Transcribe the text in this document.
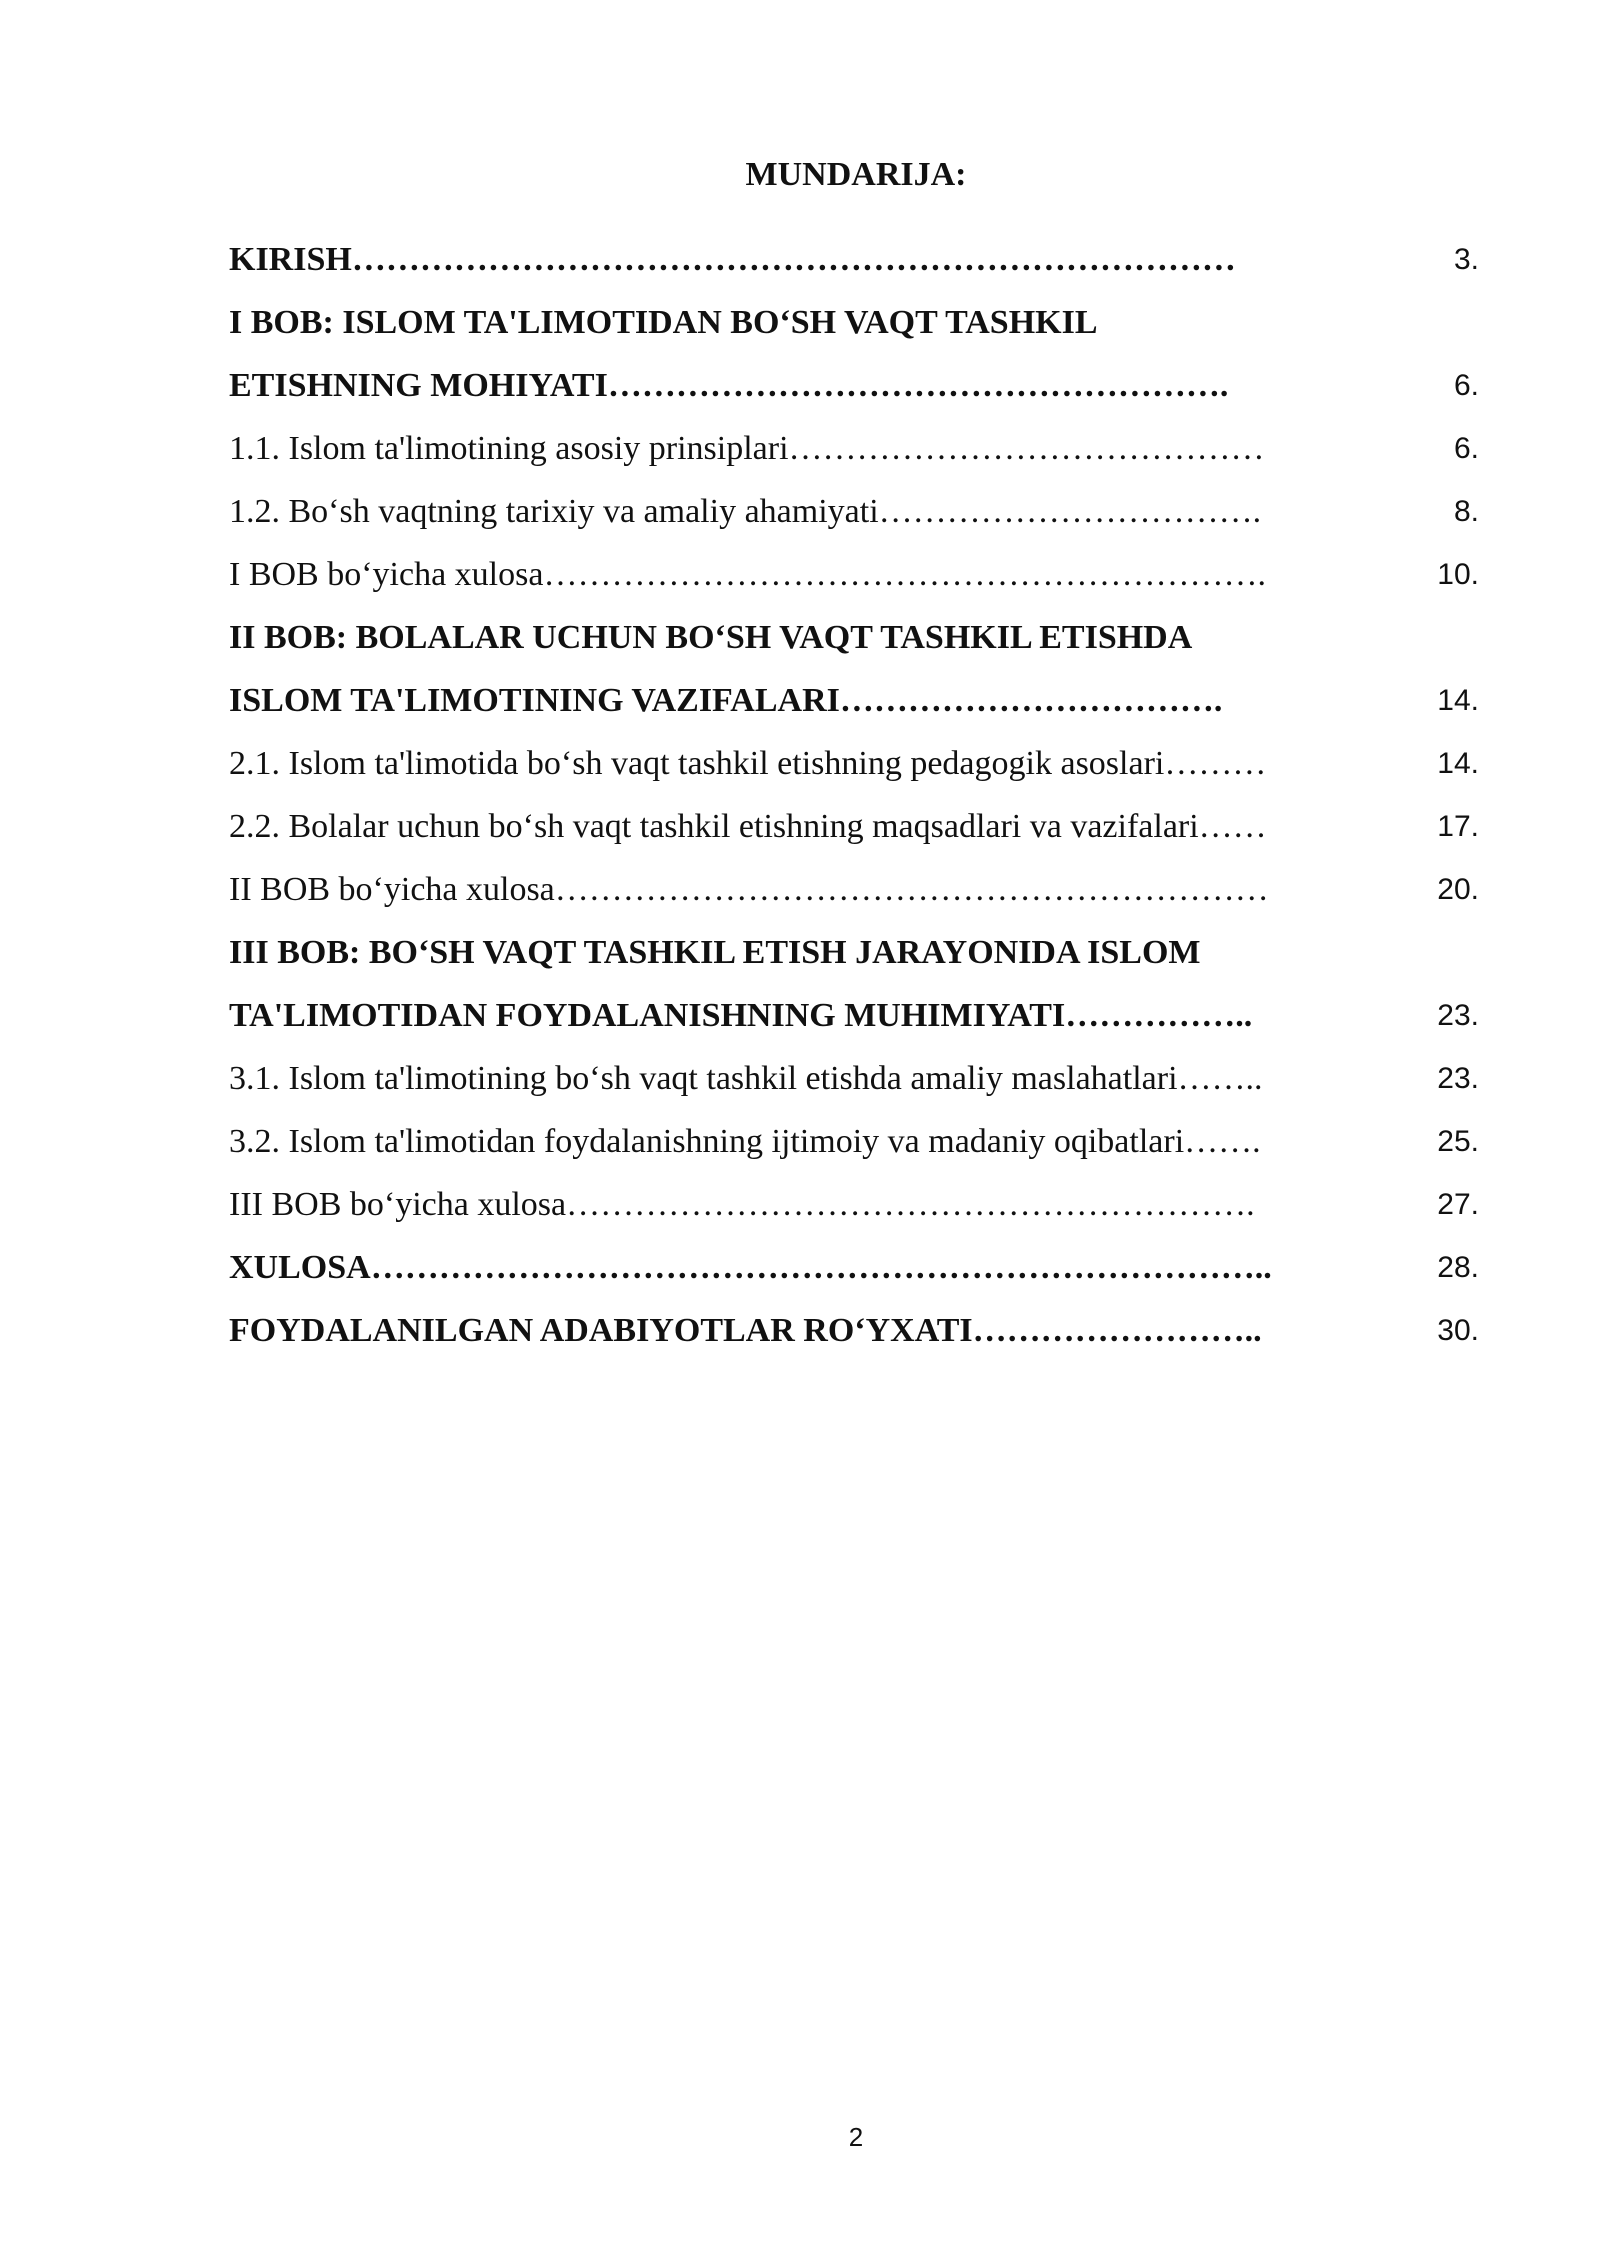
MUNDARIJA:
KIRISH……………………………………………………………………	3.
I BOB: ISLOM TA'LIMOTIDAN BO‘SH VAQT TASHKIL
ETISHNING MOHIYATI……………………………………………….	6.
1.1. Islom ta'limotining asosiy prinsiplari……………………………………	6.
1.2. Bo‘sh vaqtning tarixiy va amaliy ahamiyati…………………………….	8.
I BOB bo‘yicha xulosa……………………………………………………….	10.
II BOB: BOLALAR UCHUN BO‘SH VAQT TASHKIL ETISHDA
ISLOM TA'LIMOTINING VAZIFALARI…………………………….	14.
2.1. Islom ta'limotida bo‘sh vaqt tashkil etishning pedagogik asoslari………	14.
2.2. Bolalar uchun bo‘sh vaqt tashkil etishning maqsadlari va vazifalari……	17.
II BOB bo‘yicha xulosa………………………………………………………	20.
III BOB: BO‘SH VAQT TASHKIL ETISH JARAYONIDA ISLOM
TA'LIMOTIDAN FOYDALANISHNING MUHIMIYATI……………..	23.
3.1. Islom ta'limotining bo‘sh vaqt tashkil etishda amaliy maslahatlari……..	23.
3.2. Islom ta'limotidan foydalanishning ijtimoiy va madaniy oqibatlari…….	25.
III BOB bo‘yicha xulosa…………………………………………………….	27.
XULOSA……………………………………………………………………..	28.
FOYDALANILGAN ADABIYOTLAR RO‘YXATI……………………..	30.
2
